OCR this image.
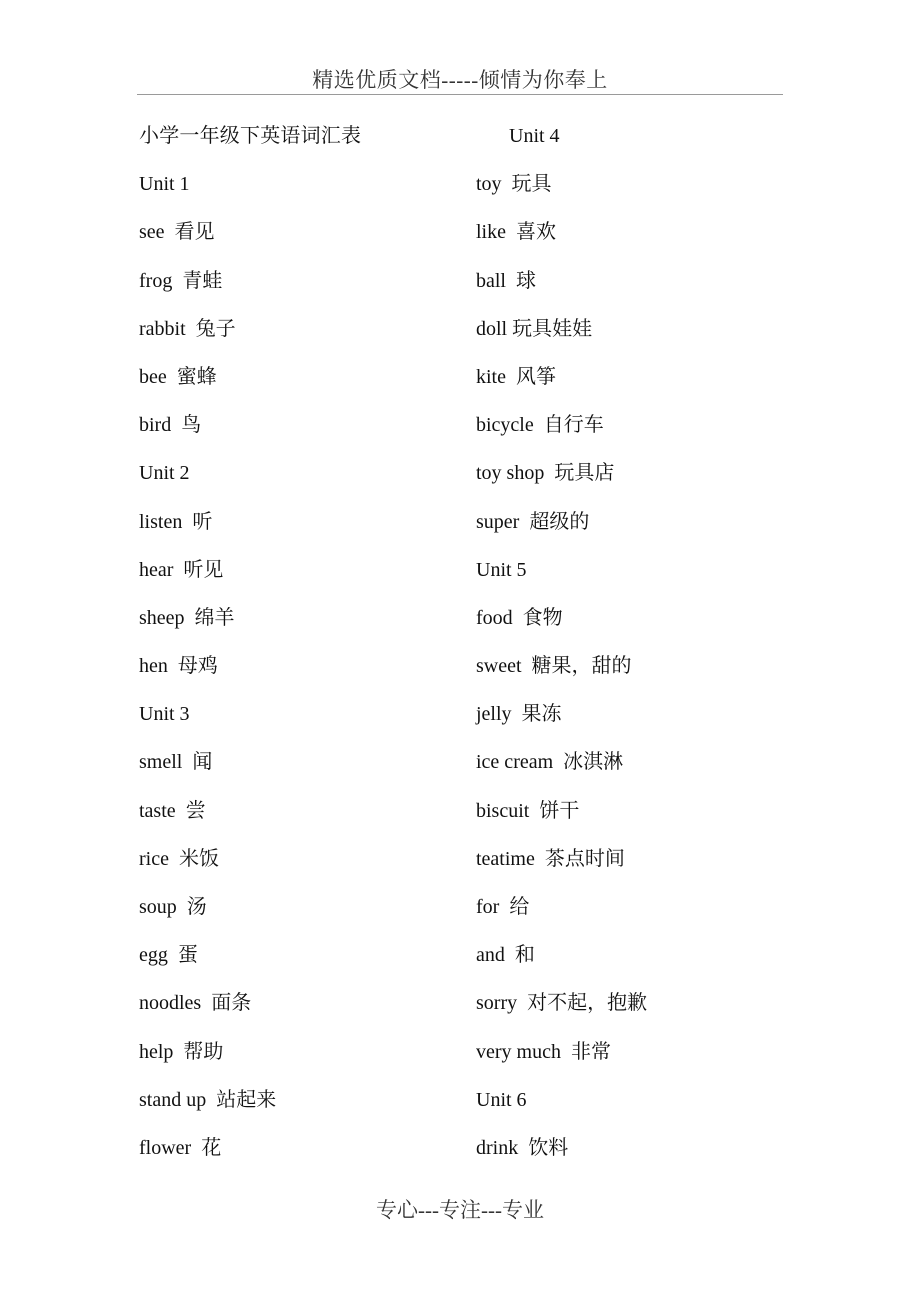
精选优质文档-----倾情为你奉上
小学一年级下英语词汇表
Unit 1
see  看见
frog  青蛙
rabbit  兔子
bee  蜜蜂
bird  鸟
Unit 2
listen  听
hear  听见
sheep  绵羊
hen  母鸡
Unit 3
smell  闻
taste  尝
rice  米饭
soup  汤
egg  蛋
noodles  面条
help  帮助
stand up  站起来
flower  花
Unit 4
toy  玩具
like  喜欢
ball  球
doll 玩具娃娃
kite  风筝
bicycle  自行车
toy shop  玩具店
super  超级的
Unit 5
food  食物
sweet  糖果，甜的
jelly  果冻
ice cream  冰淇淋
biscuit  饼干
teatime  茶点时间
for  给
and  和
sorry  对不起，抱歉
very much  非常
Unit 6
drink  饮料
专心---专注---专业
